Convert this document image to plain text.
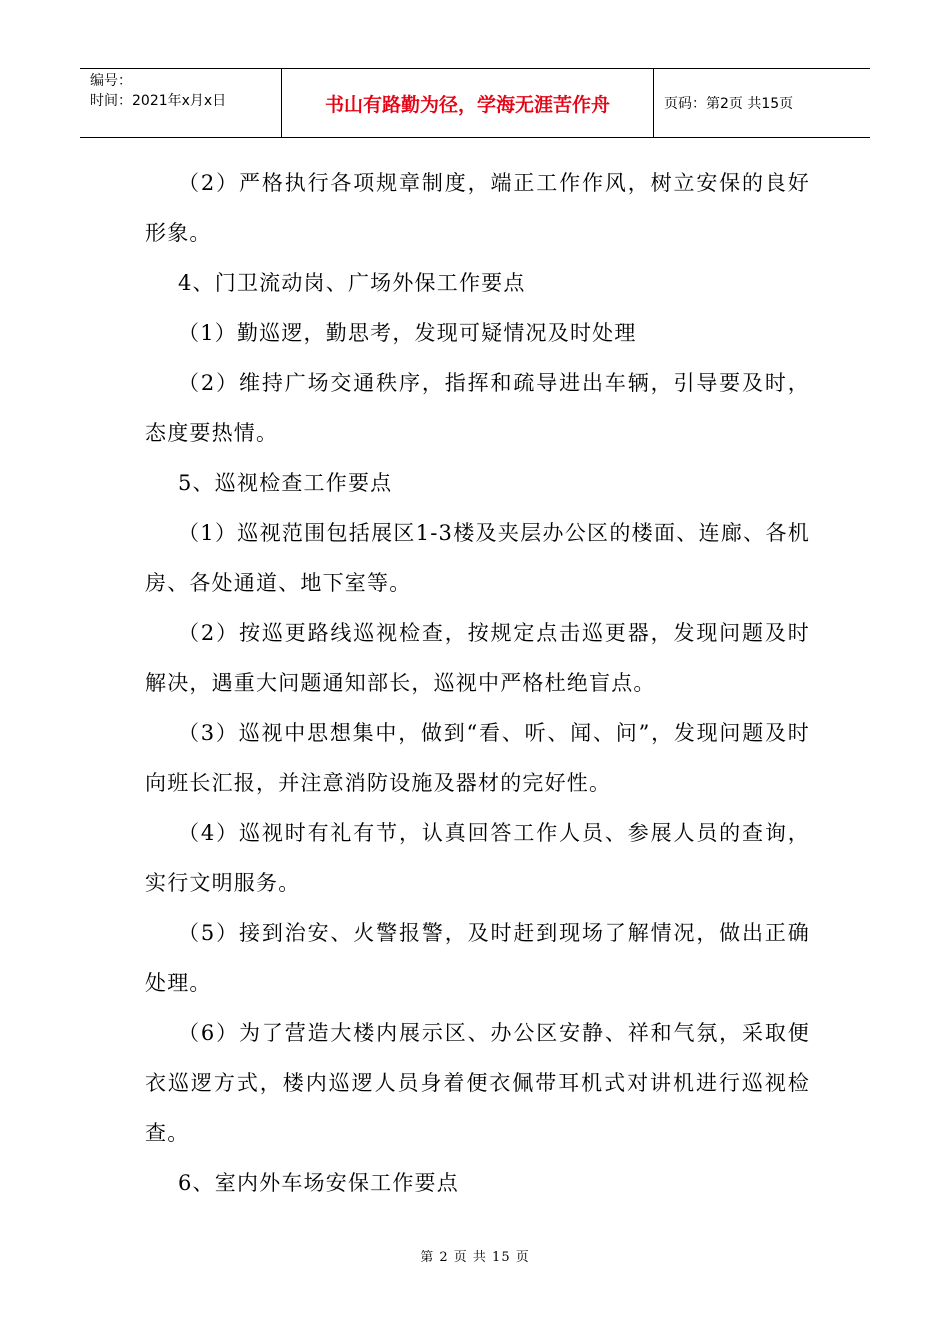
编号：
时间：2021年x月x日	书山有路勤为径，学海无涯苦作舟	页码：第2页 共15页

（2）严格执行各项规章制度，端正工作作风，树立安保的良好形象。

4、门卫流动岗、广场外保工作要点

（1）勤巡逻，勤思考，发现可疑情况及时处理

（2）维持广场交通秩序，指挥和疏导进出车辆，引导要及时，态度要热情。

5、巡视检查工作要点

（1）巡视范围包括展区1-3楼及夹层办公区的楼面、连廊、各机房、各处通道、地下室等。

（2）按巡更路线巡视检查，按规定点击巡更器，发现问题及时解决，遇重大问题通知部长，巡视中严格杜绝盲点。

（3）巡视中思想集中，做到“看、听、闻、问”，发现问题及时向班长汇报，并注意消防设施及器材的完好性。

（4）巡视时有礼有节，认真回答工作人员、参展人员的查询，实行文明服务。

（5）接到治安、火警报警，及时赶到现场了解情况，做出正确处理。

（6）为了营造大楼内展示区、办公区安静、祥和气氛，采取便衣巡逻方式，楼内巡逻人员身着便衣佩带耳机式对讲机进行巡视检查。

6、室内外车场安保工作要点

第 2 页 共 15 页
